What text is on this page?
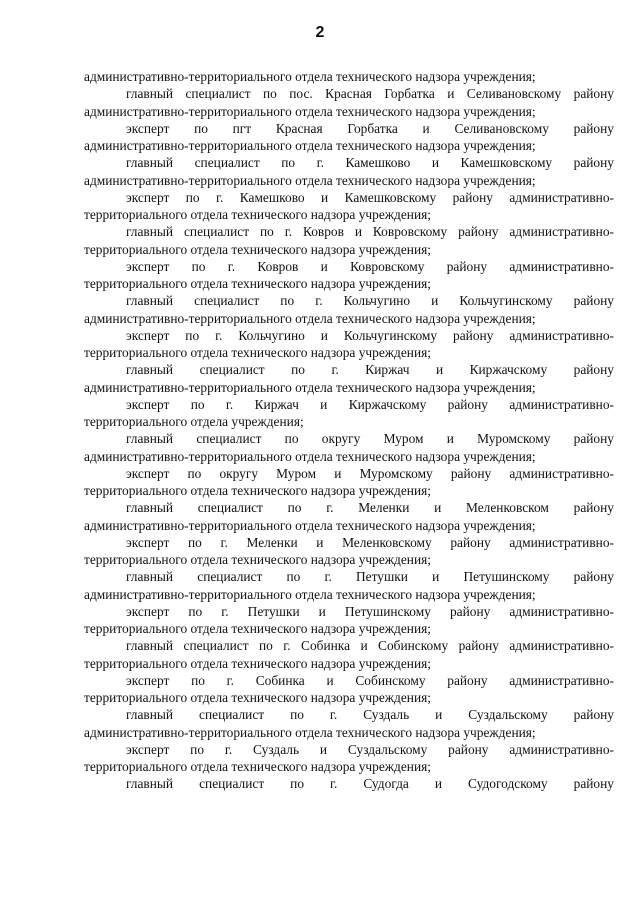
2
административно-территориального отдела технического надзора учреждения;
главный специалист по пос. Красная Горбатка и Селивановскому району
административно-территориального отдела технического надзора учреждения;
эксперт по пгт Красная Горбатка и Селивановскому району
административно-территориального отдела технического надзора учреждения;
главный специалист по г. Камешково и Камешковскому району
административно-территориального отдела технического надзора учреждения;
эксперт по г. Камешково и Камешковскому району административно-
территориального отдела технического надзора учреждения;
главный специалист по г. Ковров и Ковровскому району административно-
территориального отдела технического надзора учреждения;
эксперт по г. Ковров и Ковровскому району административно-
территориального отдела технического надзора учреждения;
главный специалист по г. Кольчугино и Кольчугинскому району
административно-территориального отдела технического надзора учреждения;
эксперт по г. Кольчугино и Кольчугинскому району административно-
территориального отдела технического надзора учреждения;
главный специалист по г. Киржач и Киржачскому району
административно-территориального отдела технического надзора учреждения;
эксперт по г. Киржач и Киржачскому району административно-
территориального отдела учреждения;
главный специалист по округу Муром и Муромскому району
административно-территориального отдела технического надзора учреждения;
эксперт по округу Муром и Муромскому району административно-
территориального отдела технического надзора учреждения;
главный специалист по г. Меленки и Меленковском району
административно-территориального отдела технического надзора учреждения;
эксперт по г. Меленки и Меленковскому району административно-
территориального отдела технического надзора учреждения;
главный специалист по г. Петушки и Петушинскому району
административно-территориального отдела технического надзора учреждения;
эксперт по г. Петушки и Петушинскому району административно-
территориального отдела технического надзора учреждения;
главный специалист по г. Собинка и Собинскому району административно-
территориального отдела технического надзора учреждения;
эксперт по г. Собинка и Собинскому району административно-
территориального отдела технического надзора учреждения;
главный специалист по г. Суздаль и Суздальскому району
административно-территориального отдела технического надзора учреждения;
эксперт по г. Суздаль и Суздальскому району административно-
территориального отдела технического надзора учреждения;
главный специалист по г. Судогда и Судогодскому району
